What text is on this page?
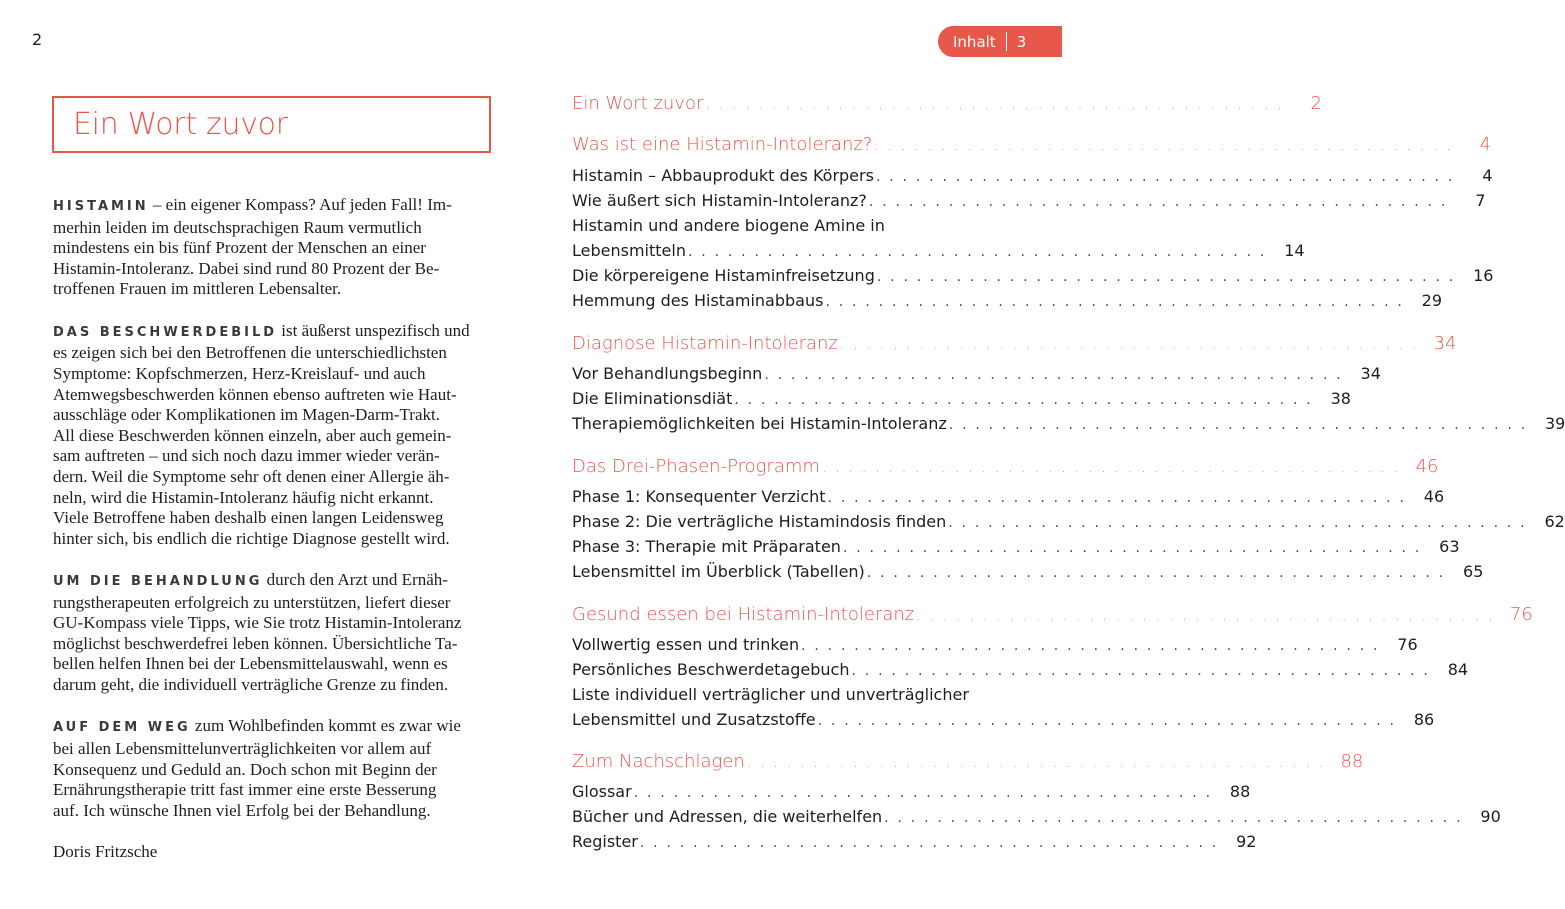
2	Inhalt 3
Ein Wort zuvor

HISTAMIN – ein eigener Kompass? Auf jeden Fall! Im-
merhin leiden im deutschsprachigen Raum vermutlich
mindestens ein bis fünf Prozent der Menschen an einer
Histamin-Intoleranz. Dabei sind rund 80 Prozent der Be-
troffenen Frauen im mittleren Lebensalter.

DAS BESCHWERDEBILD ist äußerst unspezifisch und
es zeigen sich bei den Betroffenen die unterschiedlichsten
Symptome: Kopfschmerzen, Herz-Kreislauf- und auch
Atemwegsbeschwerden können ebenso auftreten wie Haut-
ausschläge oder Komplikationen im Magen-Darm-Trakt.
All diese Beschwerden können einzeln, aber auch gemein-
sam auftreten – und sich noch dazu immer wieder verän-
dern. Weil die Symptome sehr oft denen einer Allergie äh-
neln, wird die Histamin-Intoleranz häufig nicht erkannt.
Viele Betroffene haben deshalb einen langen Leidensweg
hinter sich, bis endlich die richtige Diagnose gestellt wird.

UM DIE BEHANDLUNG durch den Arzt und Ernäh-
rungstherapeuten erfolgreich zu unterstützen, liefert dieser
GU-Kompass viele Tipps, wie Sie trotz Histamin-Intoleranz
möglichst beschwerdefrei leben können. Übersichtliche Ta-
bellen helfen Ihnen bei der Lebensmittelauswahl, wenn es
darum geht, die individuell verträgliche Grenze zu finden.

AUF DEM WEG zum Wohlbefinden kommt es zwar wie
bei allen Lebensmittelunverträglichkeiten vor allem auf
Konsequenz und Geduld an. Doch schon mit Beginn der
Ernährungstherapie tritt fast immer eine erste Besserung
auf. Ich wünsche Ihnen viel Erfolg bei der Behandlung.

Doris Fritzsche

Ein Wort zuvor . . . . . . . . . . . . . . . . . . . . . . . . . . . . . . . . . . . . . . . . . . . .	2
Was ist eine Histamin-Intoleranz? . . . . . . . . . . . . . . . . . . . . . . . . . . . . . . . . . . . . . . . . . . . .	4
Histamin – Abbauprodukt des Körpers . . . . . . . . . . . . . . . . . . . . . . . . . . . . . . . . . . . . . . . . . . . .	4
Wie äußert sich Histamin-Intoleranz? . . . . . . . . . . . . . . . . . . . . . . . . . . . . . . . . . . . . . . . . . . . .	7
Histamin und andere biogene Amine in
Lebensmitteln . . . . . . . . . . . . . . . . . . . . . . . . . . . . . . . . . . . . . . . . . . . .	14
Die körpereigene Histaminfreisetzung . . . . . . . . . . . . . . . . . . . . . . . . . . . . . . . . . . . . . . . . . . . .	16
Hemmung des Histaminabbaus . . . . . . . . . . . . . . . . . . . . . . . . . . . . . . . . . . . . . . . . . . . .	29
Diagnose Histamin-Intoleranz . . . . . . . . . . . . . . . . . . . . . . . . . . . . . . . . . . . . . . . . . . . . 34
Vor Behandlungsbeginn . . . . . . . . . . . . . . . . . . . . . . . . . . . . . . . . . . . . . . . . . . . .	34
Die Eliminationsdiät . . . . . . . . . . . . . . . . . . . . . . . . . . . . . . . . . . . . . . . . . . . .	38
Therapiemöglichkeiten bei Histamin-Intoleranz . . . . . . . . . . . . . . . . . . . . . . . . . . . . . . . . . . . . . . . . . . . .	39
Das Drei-Phasen-Programm . . . . . . . . . . . . . . . . . . . . . . . . . . . . . . . . . . . . . . . . . . . . 46
Phase 1: Konsequenter Verzicht . . . . . . . . . . . . . . . . . . . . . . . . . . . . . . . . . . . . . . . . . . . .	46
Phase 2: Die verträgliche Histamindosis finden . . . . . . . . . . . . . . . . . . . . . . . . . . . . . . . . . . . . . . . . . . . .	62
Phase 3: Therapie mit Präparaten . . . . . . . . . . . . . . . . . . . . . . . . . . . . . . . . . . . . . . . . . . . .	63
Lebensmittel im Überblick (Tabellen) . . . . . . . . . . . . . . . . . . . . . . . . . . . . . . . . . . . . . . . . . . . .	65
Gesund essen bei Histamin-Intoleranz . . . . . . . . . . . . . . . . . . . . . . . . . . . . . . . . . . . . . . . . . . . . 76
Vollwertig essen und trinken . . . . . . . . . . . . . . . . . . . . . . . . . . . . . . . . . . . . . . . . . . . .	76
Persönliches Beschwerdetagebuch . . . . . . . . . . . . . . . . . . . . . . . . . . . . . . . . . . . . . . . . . . . .	84
Liste individuell verträglicher und unverträglicher
Lebensmittel und Zusatzstoffe . . . . . . . . . . . . . . . . . . . . . . . . . . . . . . . . . . . . . . . . . . . .	86
Zum Nachschlagen . . . . . . . . . . . . . . . . . . . . . . . . . . . . . . . . . . . . . . . . . . . . 88
Glossar . . . . . . . . . . . . . . . . . . . . . . . . . . . . . . . . . . . . . . . . . . . .	88
Bücher und Adressen, die weiterhelfen . . . . . . . . . . . . . . . . . . . . . . . . . . . . . . . . . . . . . . . . . . . .	90
Register . . . . . . . . . . . . . . . . . . . . . . . . . . . . . . . . . . . . . . . . . . . .	92
